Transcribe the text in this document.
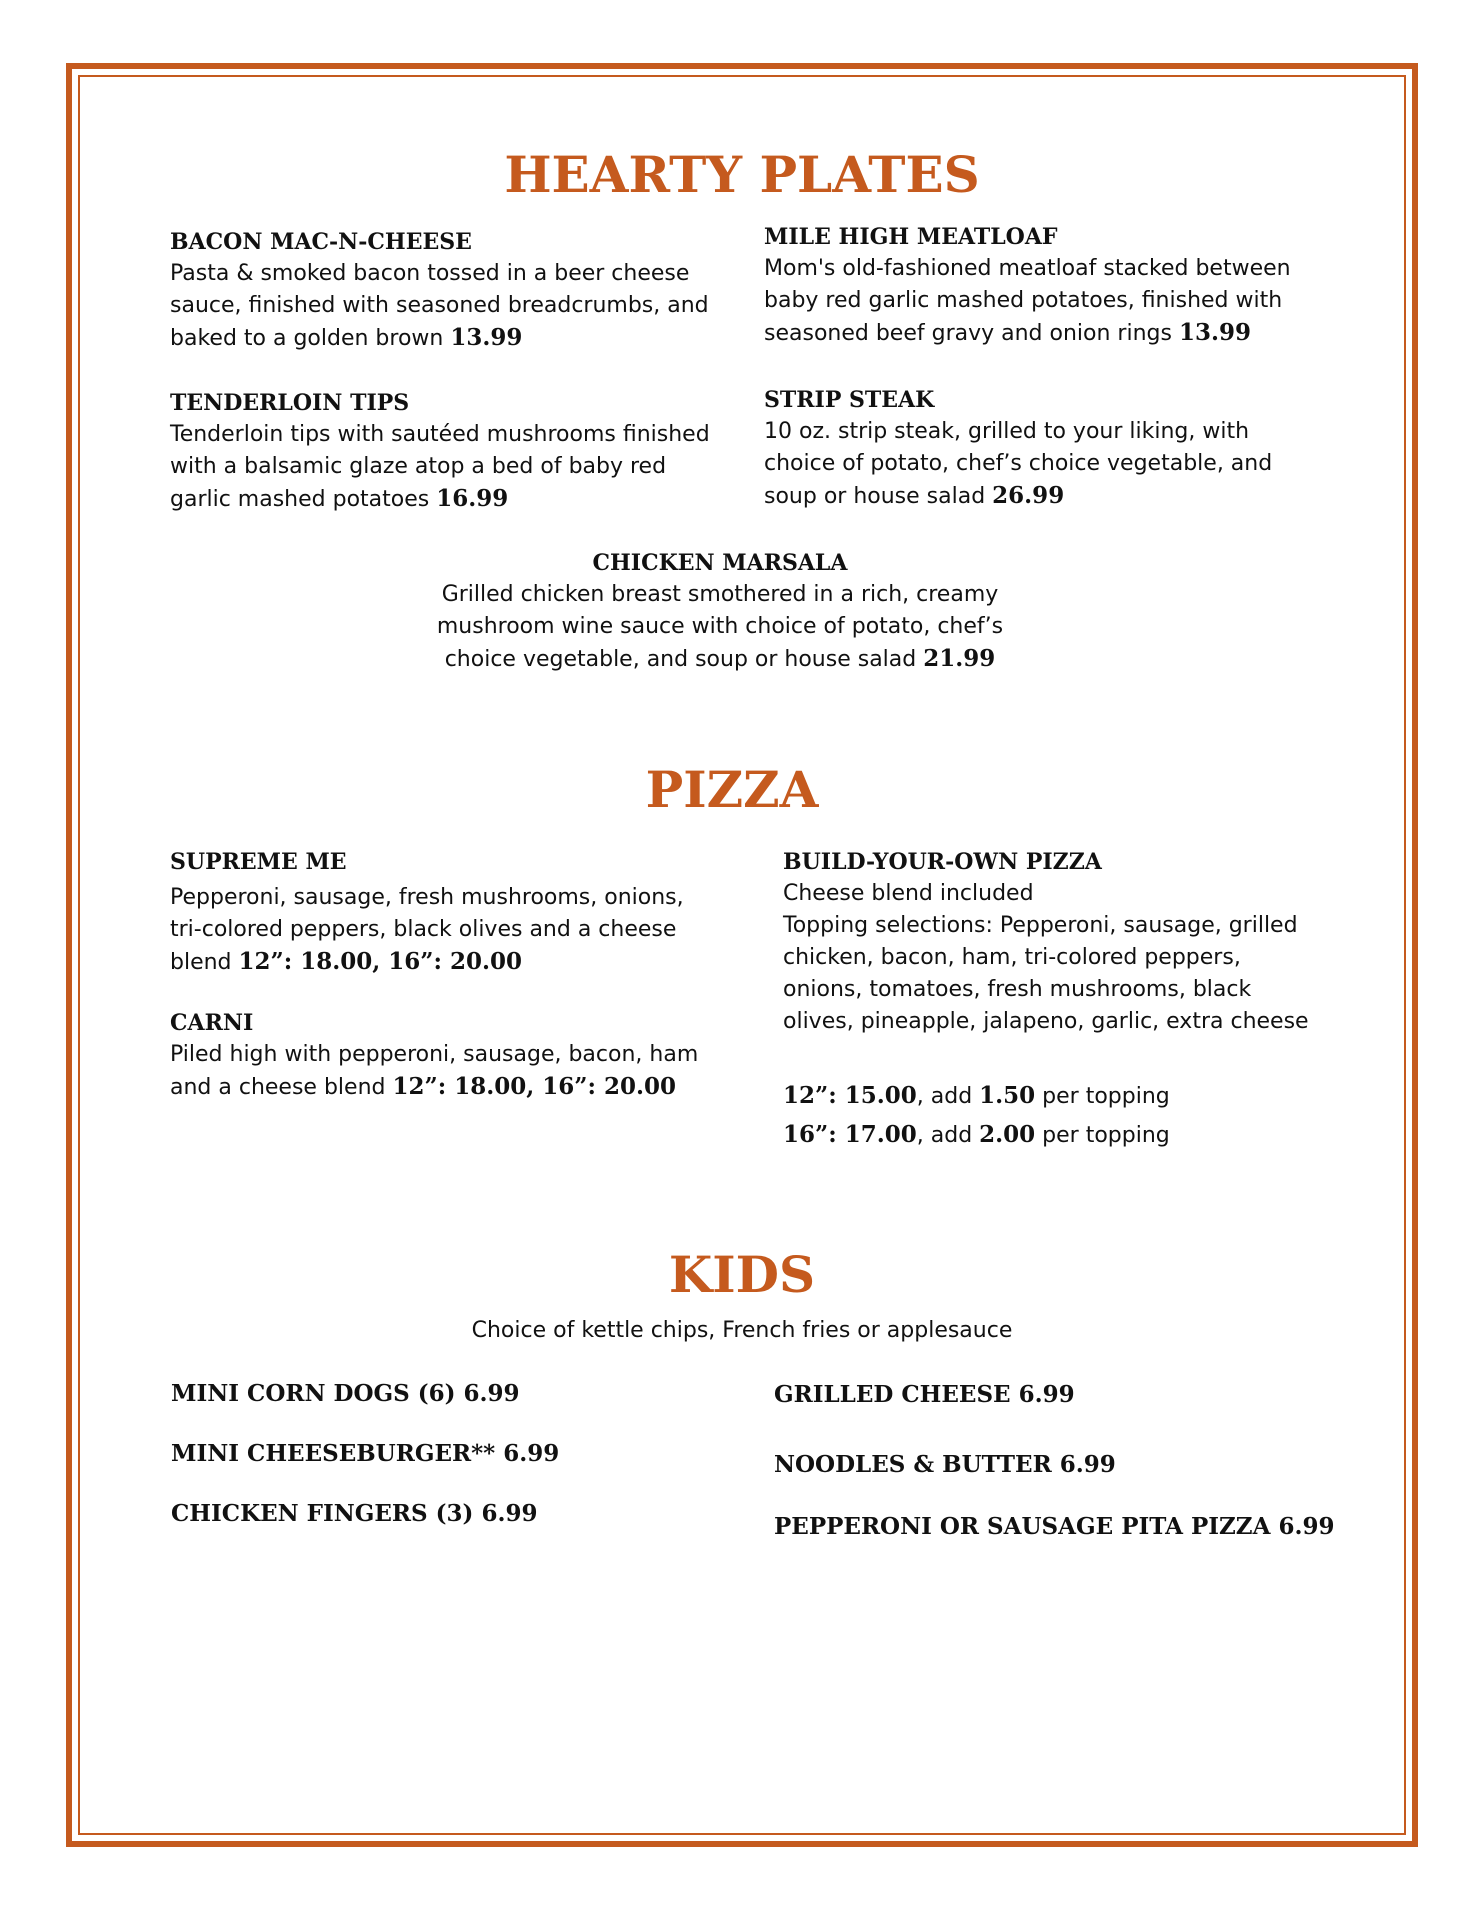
HEARTY PLATES
BACON MAC-N-CHEESE
Pasta & smoked bacon tossed in a beer cheese sauce, finished with seasoned breadcrumbs, and baked to a golden brown 13.99
MILE HIGH MEATLOAF
Mom's old-fashioned meatloaf stacked between baby red garlic mashed potatoes, finished with seasoned beef gravy and onion rings 13.99
TENDERLOIN TIPS
Tenderloin tips with sautéed mushrooms finished with a balsamic glaze atop a bed of baby red garlic mashed potatoes 16.99
STRIP STEAK
10 oz. strip steak, grilled to your liking, with choice of potato, chef’s choice vegetable, and soup or house salad 26.99
CHICKEN MARSALA
Grilled chicken breast smothered in a rich, creamy mushroom wine sauce with choice of potato, chef’s choice vegetable, and soup or house salad 21.99
PIZZA
SUPREME ME
Pepperoni, sausage, fresh mushrooms, onions, tri-colored peppers, black olives and a cheese blend 12”: 18.00, 16”: 20.00
CARNI
Piled high with pepperoni, sausage, bacon, ham and a cheese blend 12”: 18.00, 16”: 20.00
BUILD-YOUR-OWN PIZZA
Cheese blend included
Topping selections: Pepperoni, sausage, grilled chicken, bacon, ham, tri-colored peppers, onions, tomatoes, fresh mushrooms, black olives, pineapple, jalapeno, garlic, extra cheese
12”: 15.00, add 1.50 per topping
16”: 17.00, add 2.00 per topping
KIDS
Choice of kettle chips, French fries or applesauce
MINI CORN DOGS (6) 6.99
MINI CHEESEBURGER** 6.99
CHICKEN FINGERS (3) 6.99
GRILLED CHEESE 6.99
NOODLES & BUTTER 6.99
PEPPERONI OR SAUSAGE PITA PIZZA 6.99
